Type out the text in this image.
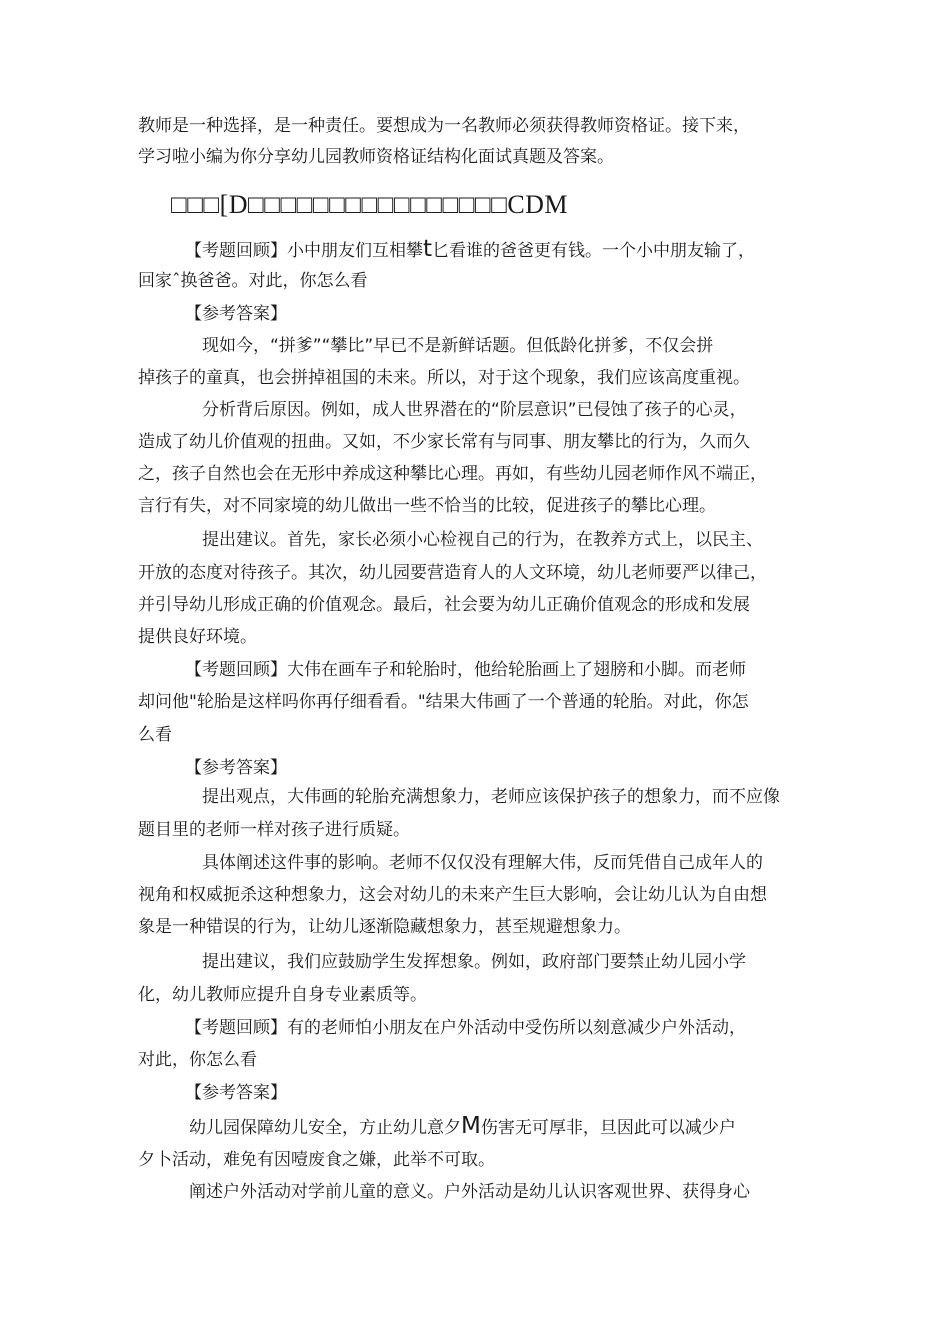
教师是一种选择，是一种责任。要想成为一名教师必须获得教师资格证。接下来，
学习啦小编为你分享幼儿园教师资格证结构化面试真题及答案。
□□□[D□□□□□□□□□□□□□□□□CDM
【考题回顾】小中朋友们互相攀t匕看谁的爸爸更有钱。一个小中朋友输了，
回家ˆ换爸爸。对此，你怎么看
【参考答案】
现如今，“拼爹”“攀比”早已不是新鲜话题。但低龄化拼爹，不仅会拼
掉孩子的童真，也会拼掉祖国的未来。所以，对于这个现象，我们应该高度重视。
分析背后原因。例如，成人世界潜在的“阶层意识”已侵蚀了孩子的心灵，
造成了幼儿价值观的扭曲。又如，不少家长常有与同事、朋友攀比的行为，久而久
之，孩子自然也会在无形中养成这种攀比心理。再如，有些幼儿园老师作风不端正，
言行有失，对不同家境的幼儿做出一些不恰当的比较，促进孩子的攀比心理。
提出建议。首先，家长必须小心检视自己的行为，在教养方式上，以民主、
开放的态度对待孩子。其次，幼儿园要营造育人的人文环境，幼儿老师要严以律己，
并引导幼儿形成正确的价值观念。最后，社会要为幼儿正确价值观念的形成和发展
提供良好环境。
【考题回顾】大伟在画车子和轮胎时，他给轮胎画上了翅膀和小脚。而老师
却问他"轮胎是这样吗你再仔细看看。"结果大伟画了一个普通的轮胎。对此，你怎
么看
【参考答案】
提出观点，大伟画的轮胎充满想象力，老师应该保护孩子的想象力，而不应像
题目里的老师一样对孩子进行质疑。
具体阐述这件事的影响。老师不仅仅没有理解大伟，反而凭借自己成年人的
视角和权威扼杀这种想象力，这会对幼儿的未来产生巨大影响，会让幼儿认为自由想
象是一种错误的行为，让幼儿逐渐隐藏想象力，甚至规避想象力。
提出建议，我们应鼓励学生发挥想象。例如，政府部门要禁止幼儿园小学
化，幼儿教师应提升自身专业素质等。
【考题回顾】有的老师怕小朋友在户外活动中受伤所以刻意减少户外活动，
对此，你怎么看
【参考答案】
幼儿园保障幼儿安全，方止幼儿意夕M伤害无可厚非，旦因此可以减少户
夕卜活动，难免有因噎废食之嫌，此举不可取。
阐述户外活动对学前儿童的意义。户外活动是幼儿认识客观世界、获得身心
